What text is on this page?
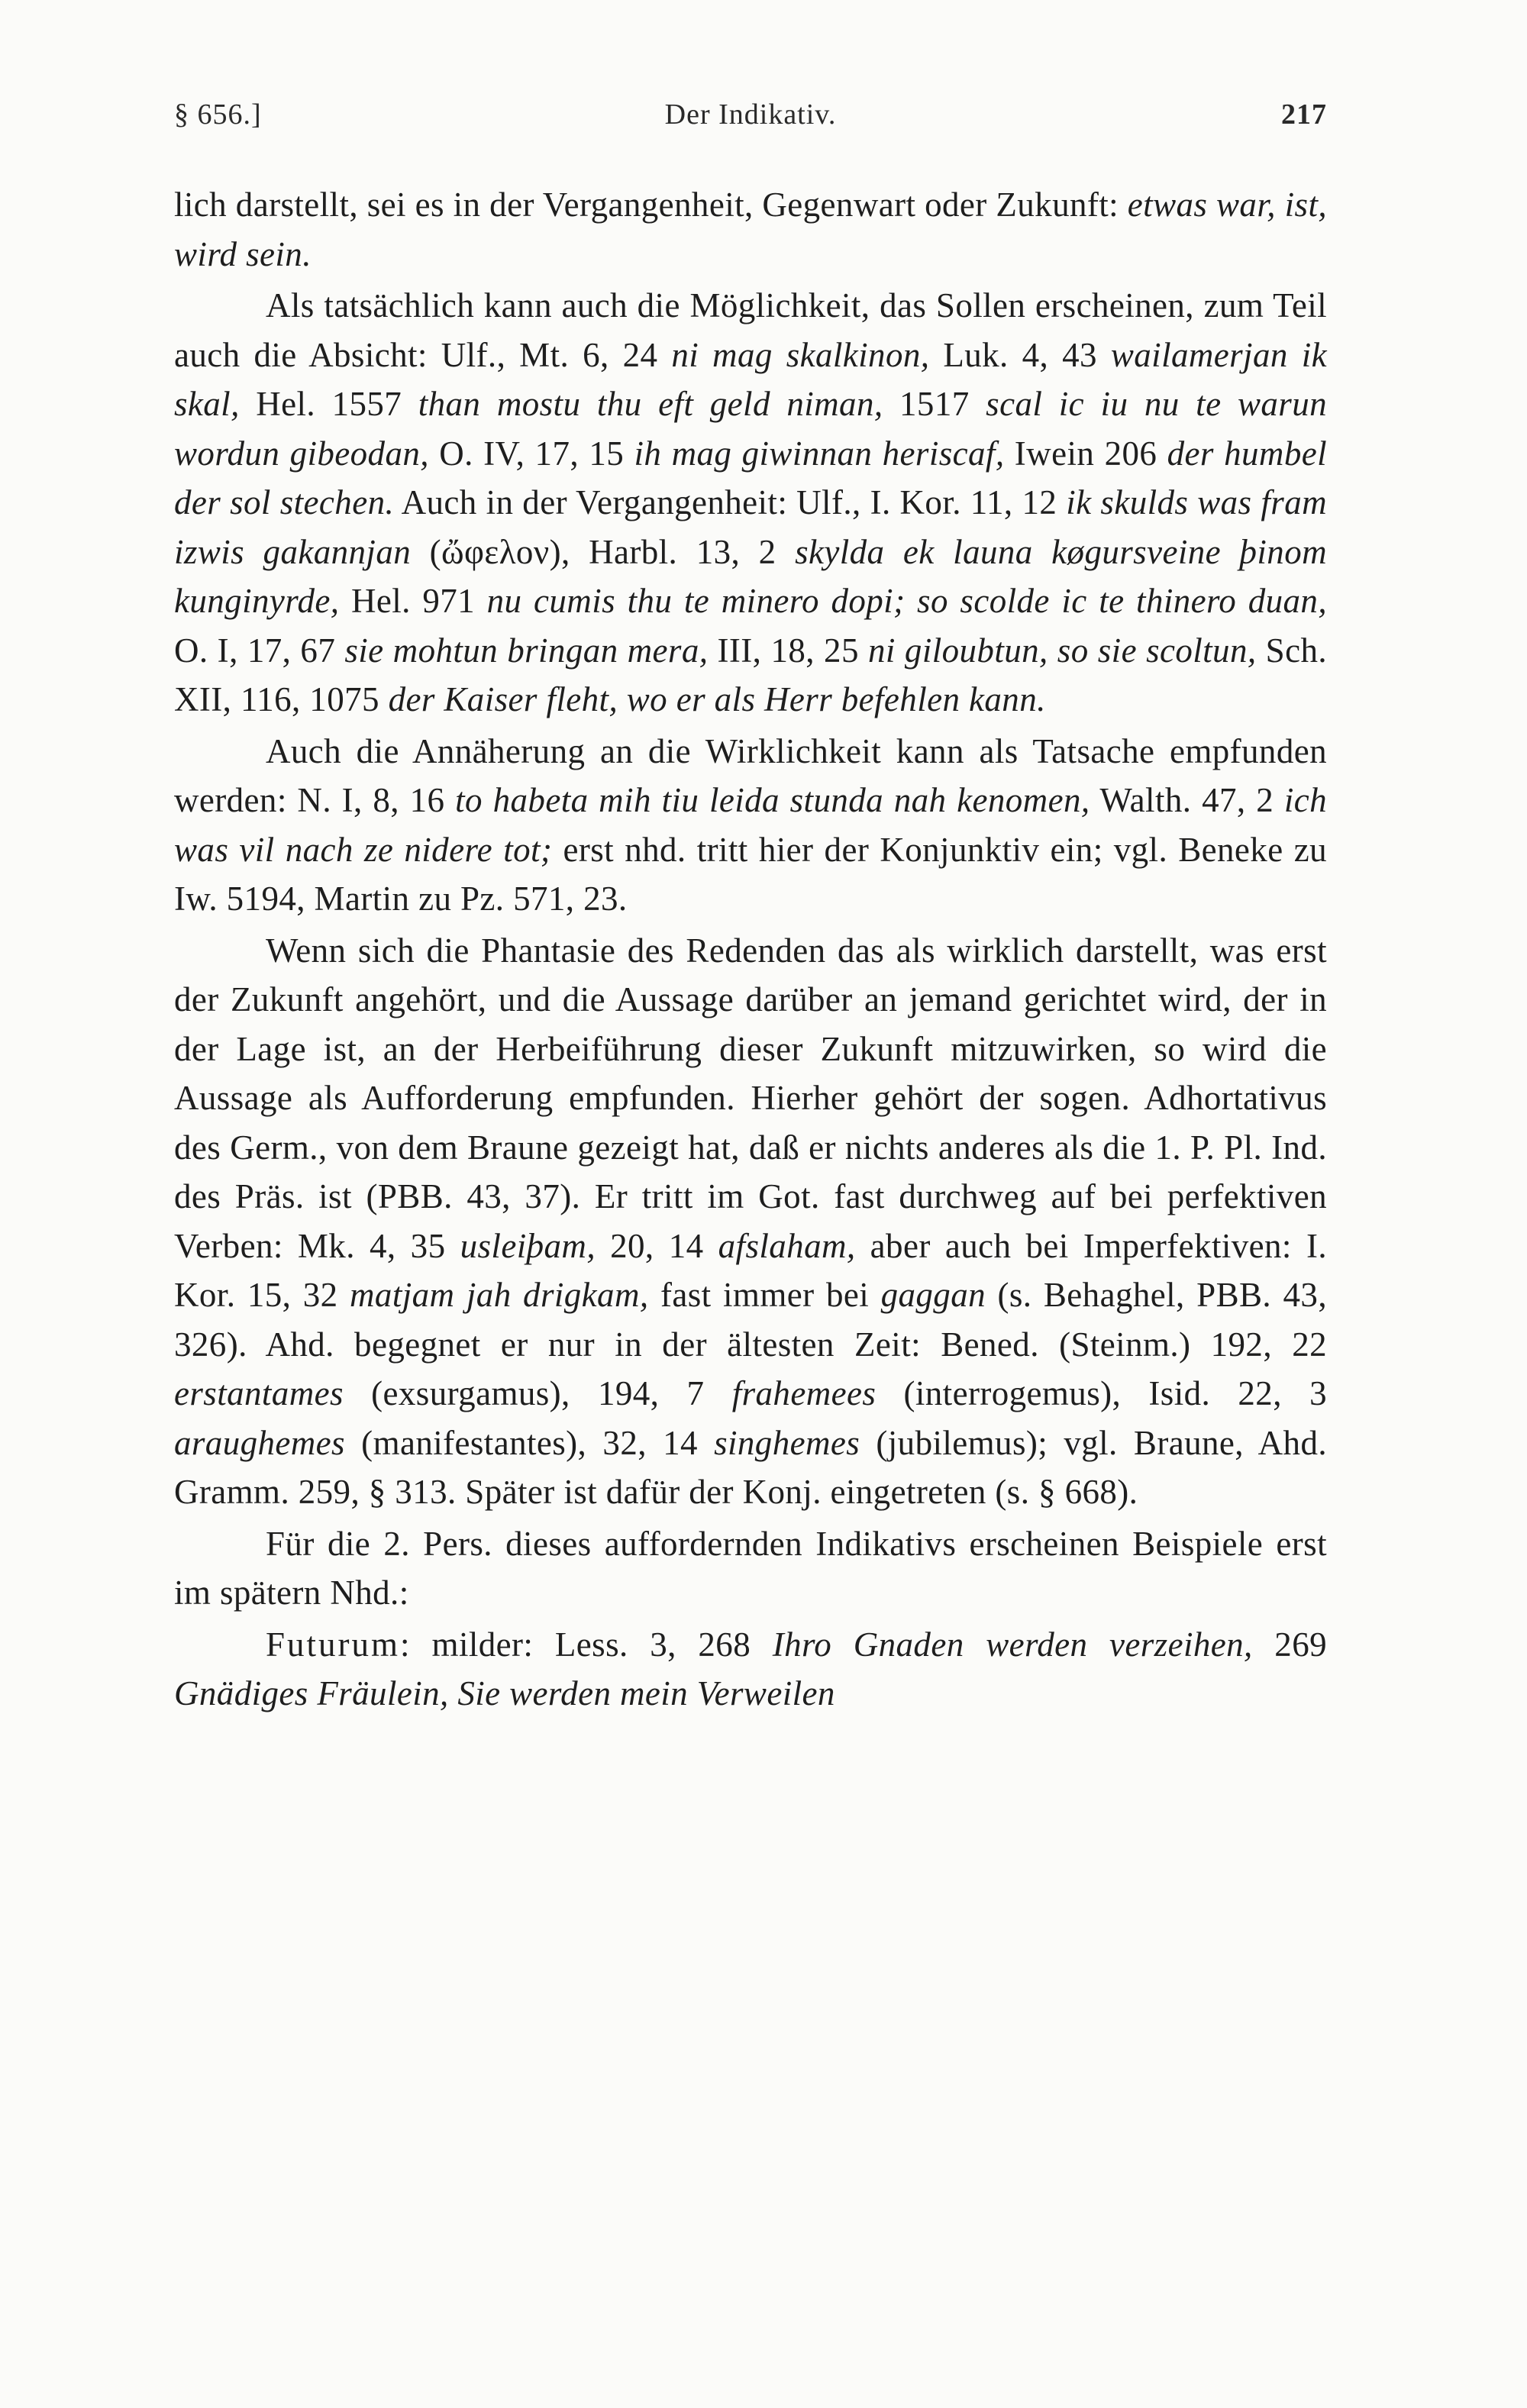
§ 656.]	Der Indikativ.	217

lich darstellt, sei es in der Vergangenheit, Gegenwart oder Zukunft: etwas war, ist, wird sein.

Als tatsächlich kann auch die Möglichkeit, das Sollen erscheinen, zum Teil auch die Absicht: Ulf., Mt. 6, 24 ni mag skalkinon, Luk. 4, 43 wailamerjan ik skal, Hel. 1557 than mostu thu eft geld niman, 1517 scal ic iu nu te warun wordun gibeodan, O. IV, 17, 15 ih mag giwinnan heriscaf, Iwein 206 der humbel der sol stechen. Auch in der Vergangenheit: Ulf., I. Kor. 11, 12 ik skulds was fram izwis gakannjan (ὤφελον), Harbl. 13, 2 skylda ek launa køgursveine þinom kunginyrde, Hel. 971 nu cumis thu te minero dopi; so scolde ic te thinero duan, O. I, 17, 67 sie mohtun bringan mera, III, 18, 25 ni giloubtun, so sie scoltun, Sch. XII, 116, 1075 der Kaiser fleht, wo er als Herr befehlen kann.

Auch die Annäherung an die Wirklichkeit kann als Tatsache empfunden werden: N. I, 8, 16 to habeta mih tiu leida stunda nah kenomen, Walth. 47, 2 ich was vil nach ze nidere tot; erst nhd. tritt hier der Konjunktiv ein; vgl. Beneke zu Iw. 5194, Martin zu Pz. 571, 23.

Wenn sich die Phantasie des Redenden das als wirklich darstellt, was erst der Zukunft angehört, und die Aussage darüber an jemand gerichtet wird, der in der Lage ist, an der Herbeiführung dieser Zukunft mitzuwirken, so wird die Aussage als Aufforderung empfunden. Hierher gehört der sogen. Adhortativus des Germ., von dem Braune gezeigt hat, daß er nichts anderes als die 1. P. Pl. Ind. des Präs. ist (PBB. 43, 37). Er tritt im Got. fast durchweg auf bei perfektiven Verben: Mk. 4, 35 usleiþam, 20, 14 afslaham, aber auch bei Imperfektiven: I. Kor. 15, 32 matjam jah drigkam, fast immer bei gaggan (s. Behaghel, PBB. 43, 326). Ahd. begegnet er nur in der ältesten Zeit: Bened. (Steinm.) 192, 22 erstantames (exsurgamus), 194, 7 frahemees (interrogemus), Isid. 22, 3 araughemes (manifestantes), 32, 14 singhemes (jubilemus); vgl. Braune, Ahd. Gramm. 259, § 313. Später ist dafür der Konj. eingetreten (s. § 668).

Für die 2. Pers. dieses auffordernden Indikativs erscheinen Beispiele erst im spätern Nhd.:

Futurum: milder: Less. 3, 268 Ihro Gnaden werden verzeihen, 269 Gnädiges Fräulein, Sie werden mein Verweilen
